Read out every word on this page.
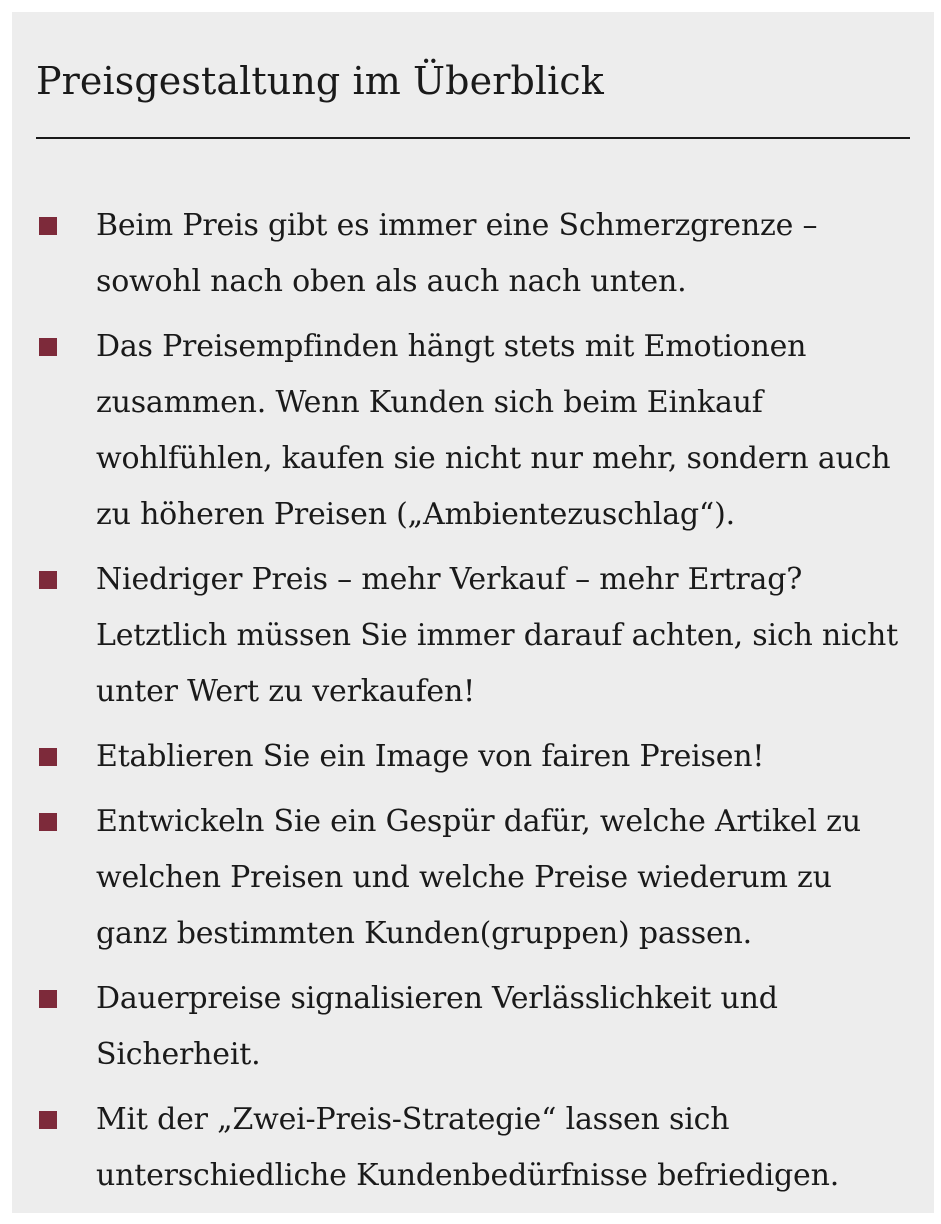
Preisgestaltung im Überblick
Beim Preis gibt es immer eine Schmerzgrenze – sowohl nach oben als auch nach unten.
Das Preisempfinden hängt stets mit Emotionen zusammen. Wenn Kunden sich beim Einkauf wohlfühlen, kaufen sie nicht nur mehr, sondern auch zu höheren Preisen („Ambientezuschlag“).
Niedriger Preis – mehr Verkauf – mehr Ertrag? Letztlich müssen Sie immer darauf achten, sich nicht unter Wert zu verkaufen!
Etablieren Sie ein Image von fairen Preisen!
Entwickeln Sie ein Gespür dafür, welche Artikel zu welchen Preisen und welche Preise wiederum zu ganz bestimmten Kunden(gruppen) passen.
Dauerpreise signalisieren Verlässlichkeit und Sicherheit.
Mit der „Zwei-Preis-Strategie“ lassen sich unterschiedliche Kundenbedürfnisse befriedigen.
